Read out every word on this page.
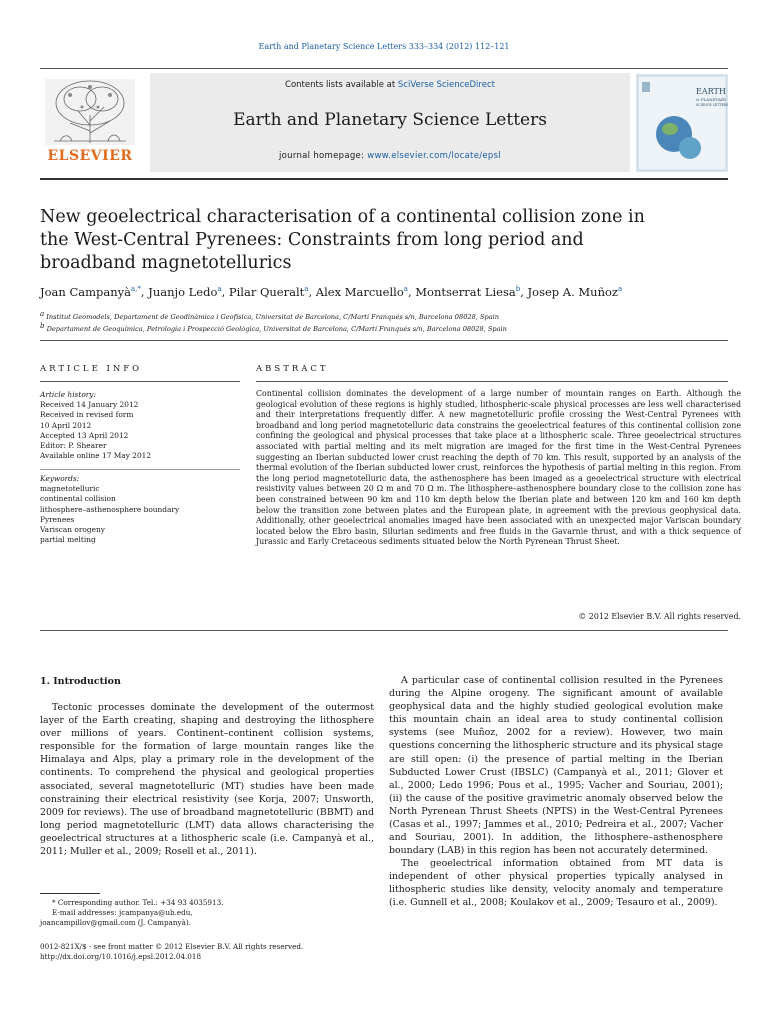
Earth and Planetary Science Letters 333–334 (2012) 112–121
ELSEVIER
Contents lists available at SciVerse ScienceDirect
Earth and Planetary Science Letters
journal homepage: www.elsevier.com/locate/epsl
EARTH
& PLANETARY
SCIENCE LETTERS
New geoelectrical characterisation of a continental collision zone in the West-Central Pyrenees: Constraints from long period and broadband magnetotellurics
Joan Campanyà$^{a,*}$, Juanjo Ledo$^a$, Pilar Queralt$^a$, Alex Marcuello$^a$, Montserrat Liesa$^b$, Josep A. Muñoz$^a$
$^a$ Institut Geomodels, Departament de Geodinàmica i Geofísica, Universitat de Barcelona, C/Martí Franqués s/n, Barcelona 08028, Spain
$^b$ Departament de Geoquímica, Petrologia i Prospecció Geològica, Universitat de Barcelona, C/Martí Franqués s/n, Barcelona 08028, Spain
ARTICLE INFO	ABSTRACT
Article history:
Received 14 January 2012
Received in revised form
10 April 2012
Accepted 13 April 2012
Editor: P. Shearer
Available online 17 May 2012
Keywords:
magnetotelluric
continental collision
lithosphere–asthenosphere boundary
Pyrenees
Variscan orogeny
partial melting
Continental collision dominates the development of a large number of mountain ranges on Earth. Although the geological evolution of these regions is highly studied, lithospheric-scale physical processes are less well characterised and their interpretations frequently differ. A new magnetotelluric profile crossing the West-Central Pyrenees with broadband and long period magnetotelluric data constrains the geoelectrical features of this continental collision zone confining the geological and physical processes that take place at a lithospheric scale. Three geoelectrical structures associated with partial melting and its melt migration are imaged for the first time in the West-Central Pyrenees suggesting an Iberian subducted lower crust reaching the depth of 70 km. This result, supported by an analysis of the thermal evolution of the Iberian subducted lower crust, reinforces the hypothesis of partial melting in this region. From the long period magnetotelluric data, the asthenosphere has been imaged as a geoelectrical structure with electrical resistivity values between 20 Ω m and 70 Ω m. The lithosphere–asthenosphere boundary close to the collision zone has been constrained between 90 km and 110 km depth below the Iberian plate and between 120 km and 160 km depth below the transition zone between plates and the European plate, in agreement with the previous geophysical data. Additionally, other geoelectrical anomalies imaged have been associated with an unexpected major Variscan boundary located below the Ebro basin, Silurian sediments and free fluids in the Gavarnie thrust, and with a thick sequence of Jurassic and Early Cretaceous sediments situated below the North Pyrenean Thrust Sheet.
© 2012 Elsevier B.V. All rights reserved.
1. Introduction
Tectonic processes dominate the development of the outermost layer of the Earth creating, shaping and destroying the lithosphere over millions of years. Continent–continent collision systems, responsible for the formation of large mountain ranges like the Himalaya and Alps, play a primary role in the development of the continents. To comprehend the physical and geological properties associated, several magnetotelluric (MT) studies have been made constraining their electrical resistivity (see Korja, 2007; Unsworth, 2009 for reviews). The use of broadband magnetotelluric (BBMT) and long period magnetotelluric (LMT) data allows characterising the geoelectrical structures at a lithospheric scale (i.e. Campanyà et al., 2011; Muller et al., 2009; Rosell et al., 2011).
A particular case of continental collision resulted in the Pyrenees during the Alpine orogeny. The significant amount of available geophysical data and the highly studied geological evolution make this mountain chain an ideal area to study continental collision systems (see Muñoz, 2002 for a review). However, two main questions concerning the lithospheric structure and its physical stage are still open: (i) the presence of partial melting in the Iberian Subducted Lower Crust (IBSLC) (Campanyà et al., 2011; Glover et al., 2000; Ledo 1996; Pous et al., 1995; Vacher and Souriau, 2001); (ii) the cause of the positive gravimetric anomaly observed below the North Pyrenean Thrust Sheets (NPTS) in the West-Central Pyrenees (Casas et al., 1997; Jammes et al., 2010; Pedreira et al., 2007; Vacher and Souriau, 2001). In addition, the lithosphere–asthenosphere boundary (LAB) in this region has been not accurately determined.
The geoelectrical information obtained from MT data is independent of other physical properties typically analysed in lithospheric studies like density, velocity anomaly and temperature (i.e. Gunnell et al., 2008; Koulakov et al., 2009; Tesauro et al., 2009).
* Corresponding author. Tel.: +34 93 4035913.
E-mail addresses: jcampanya@ub.edu,
joancampillov@gmail.com (J. Campanyà).
0012-821X/$ - see front matter © 2012 Elsevier B.V. All rights reserved.
http://dx.doi.org/10.1016/j.epsl.2012.04.018
